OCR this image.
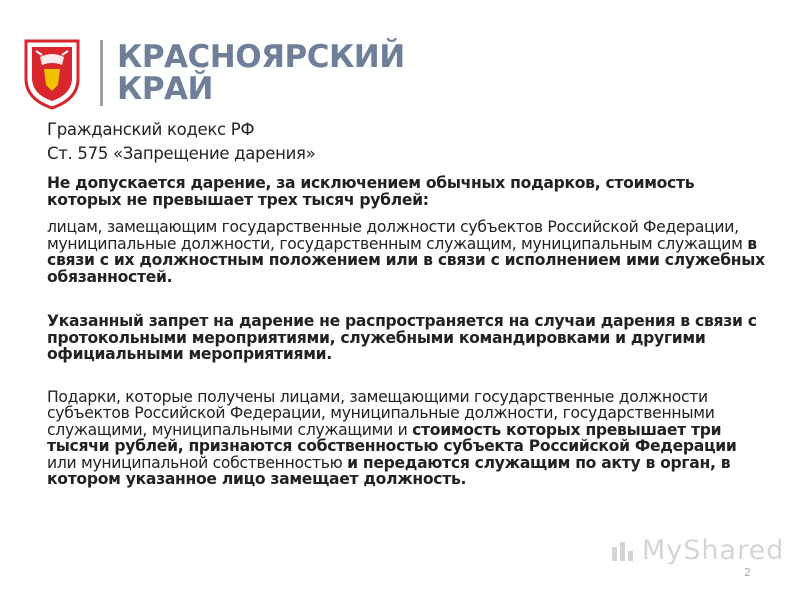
КРАСНОЯРСКИЙ
КРАЙ

Гражданский кодекс РФ

Ст. 575 «Запрещение дарения»

Не допускается дарение, за исключением обычных подарков, стоимость которых не превышает трех тысяч рублей:

лицам, замещающим государственные должности субъектов Российской Федерации, муниципальные должности, государственным служащим, муниципальным служащим в связи с их должностным положением или в связи с исполнением ими служебных обязанностей.

Указанный запрет на дарение не распространяется на случаи дарения в связи с протокольными мероприятиями, служебными командировками и другими официальными мероприятиями.

Подарки, которые получены лицами, замещающими государственные должности субъектов Российской Федерации, муниципальные должности, государственными служащими, муниципальными служащими и стоимость которых превышает три тысячи рублей, признаются собственностью субъекта Российской Федерации или муниципальной собственностью и передаются служащим по акту в орган, в котором указанное лицо замещает должность.

MyShared
2
